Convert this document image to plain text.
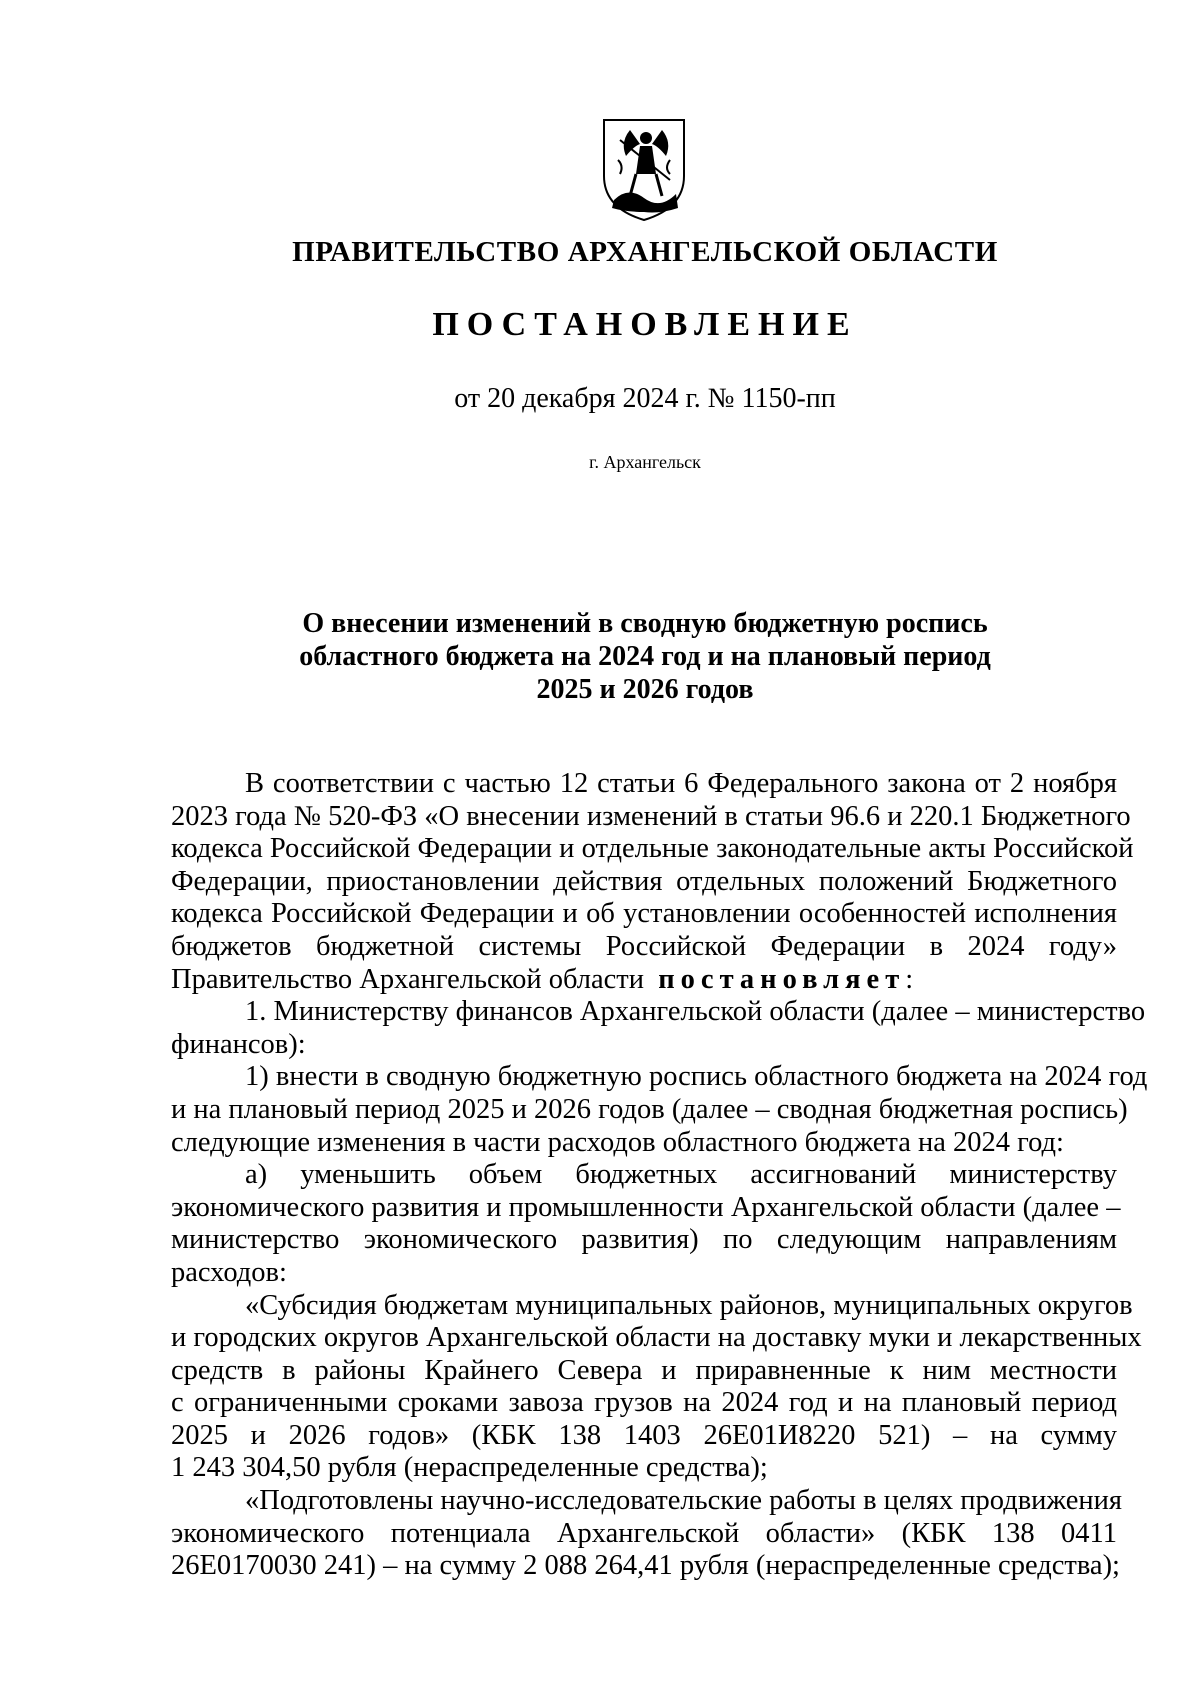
ПРАВИТЕЛЬСТВО АРХАНГЕЛЬСКОЙ ОБЛАСТИ
ПОСТАНОВЛЕНИЕ
от 20 декабря 2024 г. № 1150-пп
г. Архангельск
О внесении изменений в сводную бюджетную роспись
областного бюджета на 2024 год и на плановый период
2025 и 2026 годов
В соответствии с частью 12 статьи 6 Федерального закона от 2 ноября
2023 года № 520-ФЗ «О внесении изменений в статьи 96.6 и 220.1 Бюджетного
кодекса Российской Федерации и отдельные законодательные акты Российской
Федерации, приостановлении действия отдельных положений Бюджетного
кодекса Российской Федерации и об установлении особенностей исполнения
бюджетов бюджетной системы Российской Федерации в 2024 году»
Правительство Архангельской области постановляет:
1. Министерству финансов Архангельской области (далее – министерство
финансов):
1) внести в сводную бюджетную роспись областного бюджета на 2024 год
и на плановый период 2025 и 2026 годов (далее – сводная бюджетная роспись)
следующие изменения в части расходов областного бюджета на 2024 год:
а) уменьшить объем бюджетных ассигнований министерству
экономического развития и промышленности Архангельской области (далее –
министерство экономического развития) по следующим направлениям
расходов:
«Субсидия бюджетам муниципальных районов, муниципальных округов
и городских округов Архангельской области на доставку муки и лекарственных
средств в районы Крайнего Севера и приравненные к ним местности
с ограниченными сроками завоза грузов на 2024 год и на плановый период
2025 и 2026 годов» (КБК 138 1403 26Е01И8220 521) – на сумму
1 243 304,50 рубля (нераспределенные средства);
«Подготовлены научно-исследовательские работы в целях продвижения
экономического потенциала Архангельской области» (КБК 138 0411
26Е0170030 241) – на сумму 2 088 264,41 рубля (нераспределенные средства);
